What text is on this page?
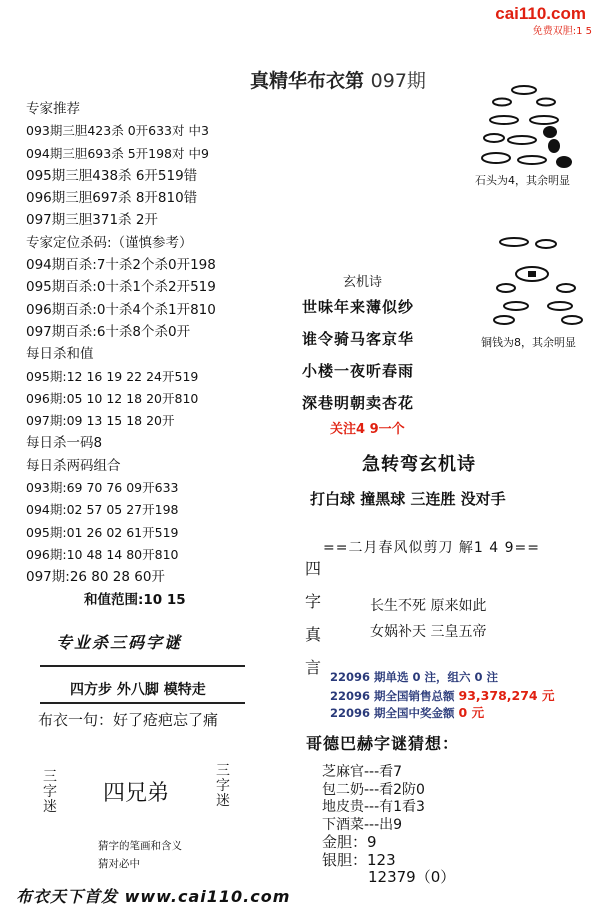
cai110.com
免费双胆:1 5
真精华布衣第 097期
专家推荐
093期三胆423杀 0开633对 中3
094期三胆693杀 5开198对 中9
095期三胆438杀 6开519错
096期三胆697杀 8开810错
097期三胆371杀 2开
专家定位杀码:（谨慎参考）
094期百杀:7十杀2个杀0开198
095期百杀:0十杀1个杀2开519
096期百杀:0十杀4个杀1开810
097期百杀:6十杀8个杀0开
每日杀和值
095期:12 16 19 22 24开519
096期:05 10 12 18 20开810
097期:09 13 15 18 20开
每日杀一码8
每日杀两码组合
093期:69 70 76 09开633
094期:02 57 05 27开198
095期:01 26 02 61开519
096期:10 48 14 80开810
097期:26 80 28 60开
和值范围:10 15
专业杀三码字谜
四方步 外八脚 模特走
布衣一句：好了疮疤忘了痛
三字迷
四兄弟
三字迷
猜字的笔画和含义
猜对必中
布衣天下首发 www.cai110.com
石头为4，其余明显
铜钱为8，其余明显
玄机诗
世味年来薄似纱
谁令骑马客京华
小楼一夜听春雨
深巷明朝卖杏花
关注4 9一个
急转弯玄机诗
打白球 撞黑球 三连胜 没对手
==二月春风似剪刀 解1 4 9==
四
字
真
言
长生不死 原来如此
女娲补天 三皇五帝
22096 期单选 0 注，组六 0 注
22096 期全国销售总额 93,378,274 元
22096 期全国中奖金额 0 元
哥德巴赫字谜猜想：
芝麻官---看7
包二奶---看2防0
地皮贵---有1看3
下酒菜---出9
金胆：9
银胆：123
12379（0）
